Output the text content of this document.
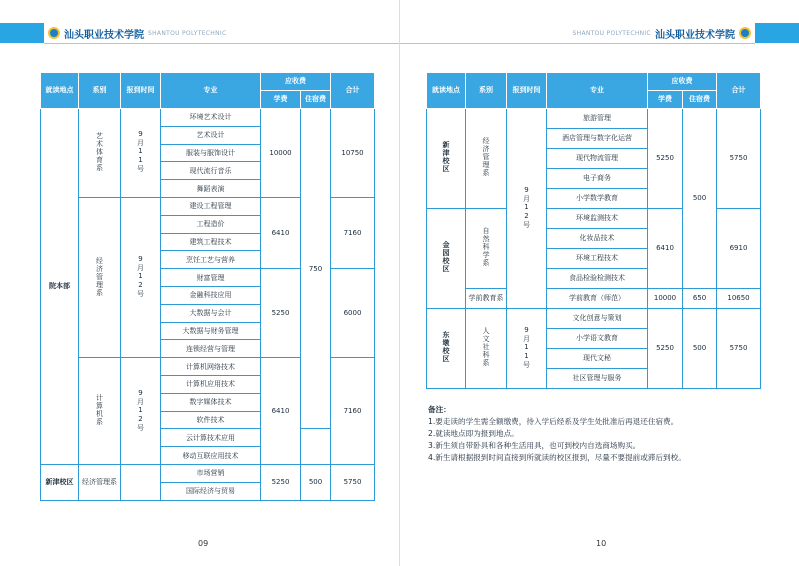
汕头职业技术学院 SHANTOU POLYTECHNIC
就读地点	系别	报到时间	专业	应收费		合计
				学费	住宿费	
院本部	艺术体育系	9月11号	环境艺术设计	10000	750	10750
			艺术设计			
			服装与服饰设计			
			现代流行音乐			
			舞蹈表演			
	经济管理系	9月12号	建设工程管理	6410		7160
			工程造价			
			建筑工程技术			
			烹饪工艺与营养			
			财富管理	5250		6000
			金融科技应用			
			大数据与会计			
			大数据与财务管理			
			连锁经营与管理			
	计算机系	9月12号	计算机网络技术	6410		7160
			计算机应用技术			
			数字媒体技术			
			软件技术			
			云计算技术应用			
			移动互联应用技术			
新津校区	经济管理系		市场营销	5250	500	5750
			国际经济与贸易			
09
SHANTOU POLYTECHNIC 汕头职业技术学院
就读地点	系别	报到时间	专业	应收费		合计
				学费	住宿费	
新津校区	经济管理系	9月12号	旅游管理	5250	500	5750
			酒店管理与数字化运营			
			现代物流管理			
			电子商务			
			小学数学教育			
金园校区	自然科学系		环境监测技术	6410		6910
			化妆品技术			
			环境工程技术			
			食品检验检测技术			
	学前教育系		学前教育（师范）	10000	650	10650
东墩校区	人文社科系	9月11号	文化创意与策划	5250	500	5750
			小学语文教育			
			现代文秘			
			社区管理与服务			
备注：
1.要走读的学生需全额缴费，待入学后经系及学生处批准后再退还住宿费。
2.就读地点即为报到地点。
3.新生须自带卧具和各种生活用具，也可到校内自选商场购买。
4.新生请根据报到时间直接到所就读的校区报到，尽量不要提前或滞后到校。
10
